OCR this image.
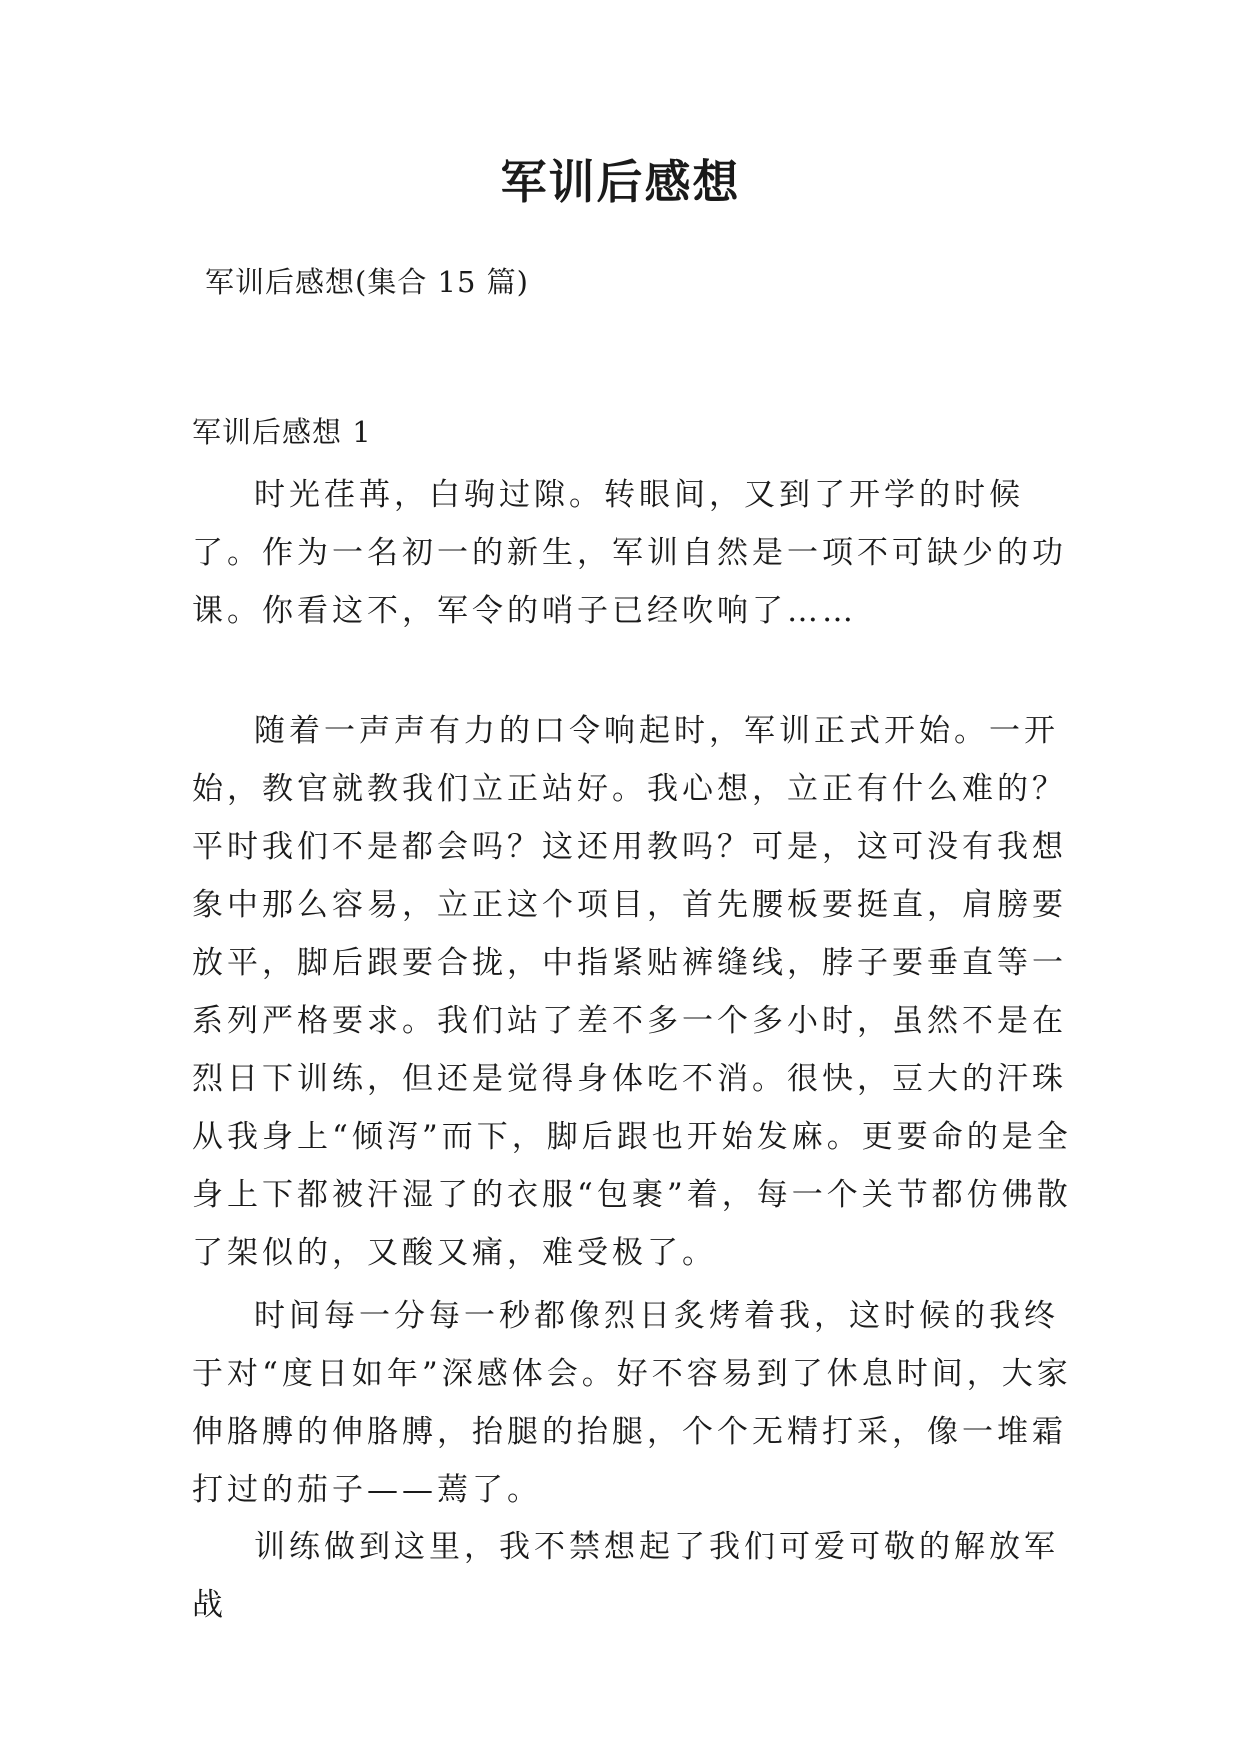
军训后感想
军训后感想(集合 15 篇)
军训后感想 1

时光荏苒，白驹过隙。转眼间，又到了开学的时候了。作为一名初一的新生，军训自然是一项不可缺少的功课。你看这不，军令的哨子已经吹响了……

随着一声声有力的口令响起时，军训正式开始。一开始，教官就教我们立正站好。我心想，立正有什么难的？平时我们不是都会吗？这还用教吗？可是，这可没有我想象中那么容易，立正这个项目，首先腰板要挺直，肩膀要放平，脚后跟要合拢，中指紧贴裤缝线，脖子要垂直等一系列严格要求。我们站了差不多一个多小时，虽然不是在烈日下训练，但还是觉得身体吃不消。很快，豆大的汗珠从我身上“倾泻”而下，脚后跟也开始发麻。更要命的是全身上下都被汗湿了的衣服“包裹”着，每一个关节都仿佛散了架似的，又酸又痛，难受极了。

时间每一分每一秒都像烈日炙烤着我，这时候的我终于对“度日如年”深感体会。好不容易到了休息时间，大家伸胳膊的伸胳膊，抬腿的抬腿，个个无精打采，像一堆霜打过的茄子——蔫了。

训练做到这里，我不禁想起了我们可爱可敬的解放军战
